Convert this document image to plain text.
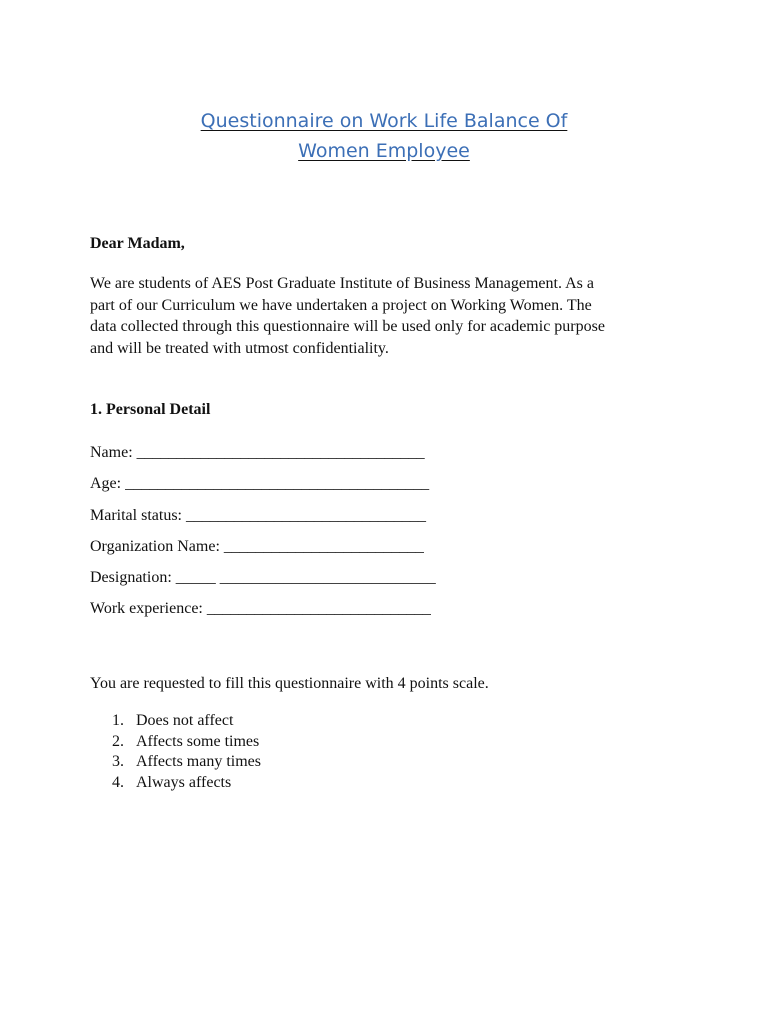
Questionnaire on Work Life Balance Of
Women Employee
Dear Madam,
We are students of AES Post Graduate Institute of Business Management. As a
part of our Curriculum we have undertaken a project on Working Women. The
data collected through this questionnaire will be used only for academic purpose
and will be treated with utmost confidentiality.
1. Personal Detail
Name: ____________________________________
Age: ______________________________________
Marital status: ______________________________
Organization Name: _________________________
Designation: _____ ___________________________
Work experience: ____________________________
You are requested to fill this questionnaire with 4 points scale.
1. Does not affect
2. Affects some times
3. Affects many times
4. Always affects
